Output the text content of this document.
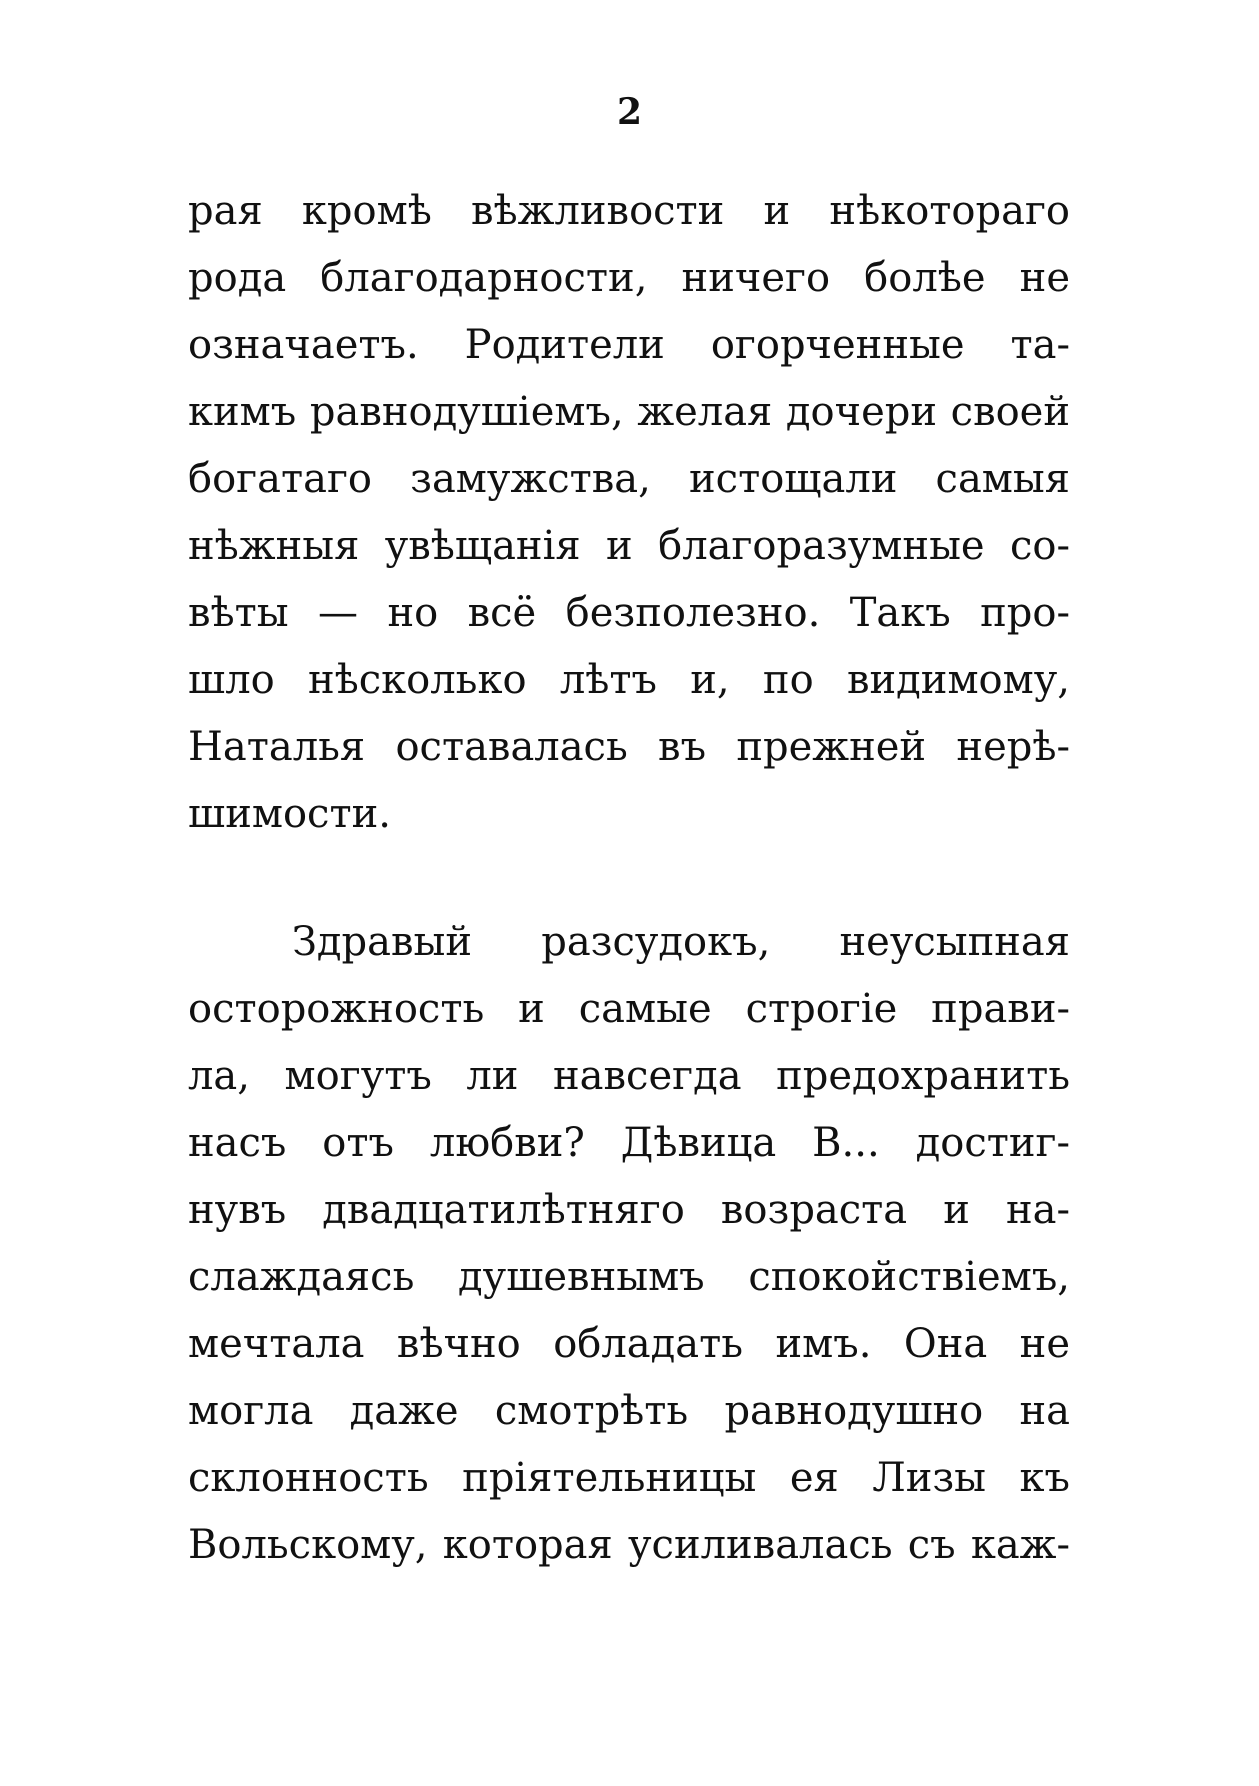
2
рая кромѣ вѣжливости и нѣкотораго
рода благодарности, ничего болѣе не
означаетъ. Родители огорченные та-
кимъ равнодушіемъ, желая дочери своей
богатаго замужства, истощали самыя
нѣжныя увѣщанія и благоразумные со-
вѣты — но всё безполезно. Такъ про-
шло нѣсколько лѣтъ и, по видимому,
Наталья оставалась въ прежней нерѣ-
шимости.
Здравый разсудокъ, неусыпная
осторожность и самые строгіе прави-
ла, могутъ ли навсегда предохранить
насъ отъ любви? Дѣвица В... достиг-
нувъ двадцатилѣтняго возраста и на-
слаждаясь душевнымъ спокойствіемъ,
мечтала вѣчно обладать имъ. Она не
могла даже смотрѣть равнодушно на
склонность пріятельницы ея Лизы къ
Вольскому, которая усиливалась съ каж-
